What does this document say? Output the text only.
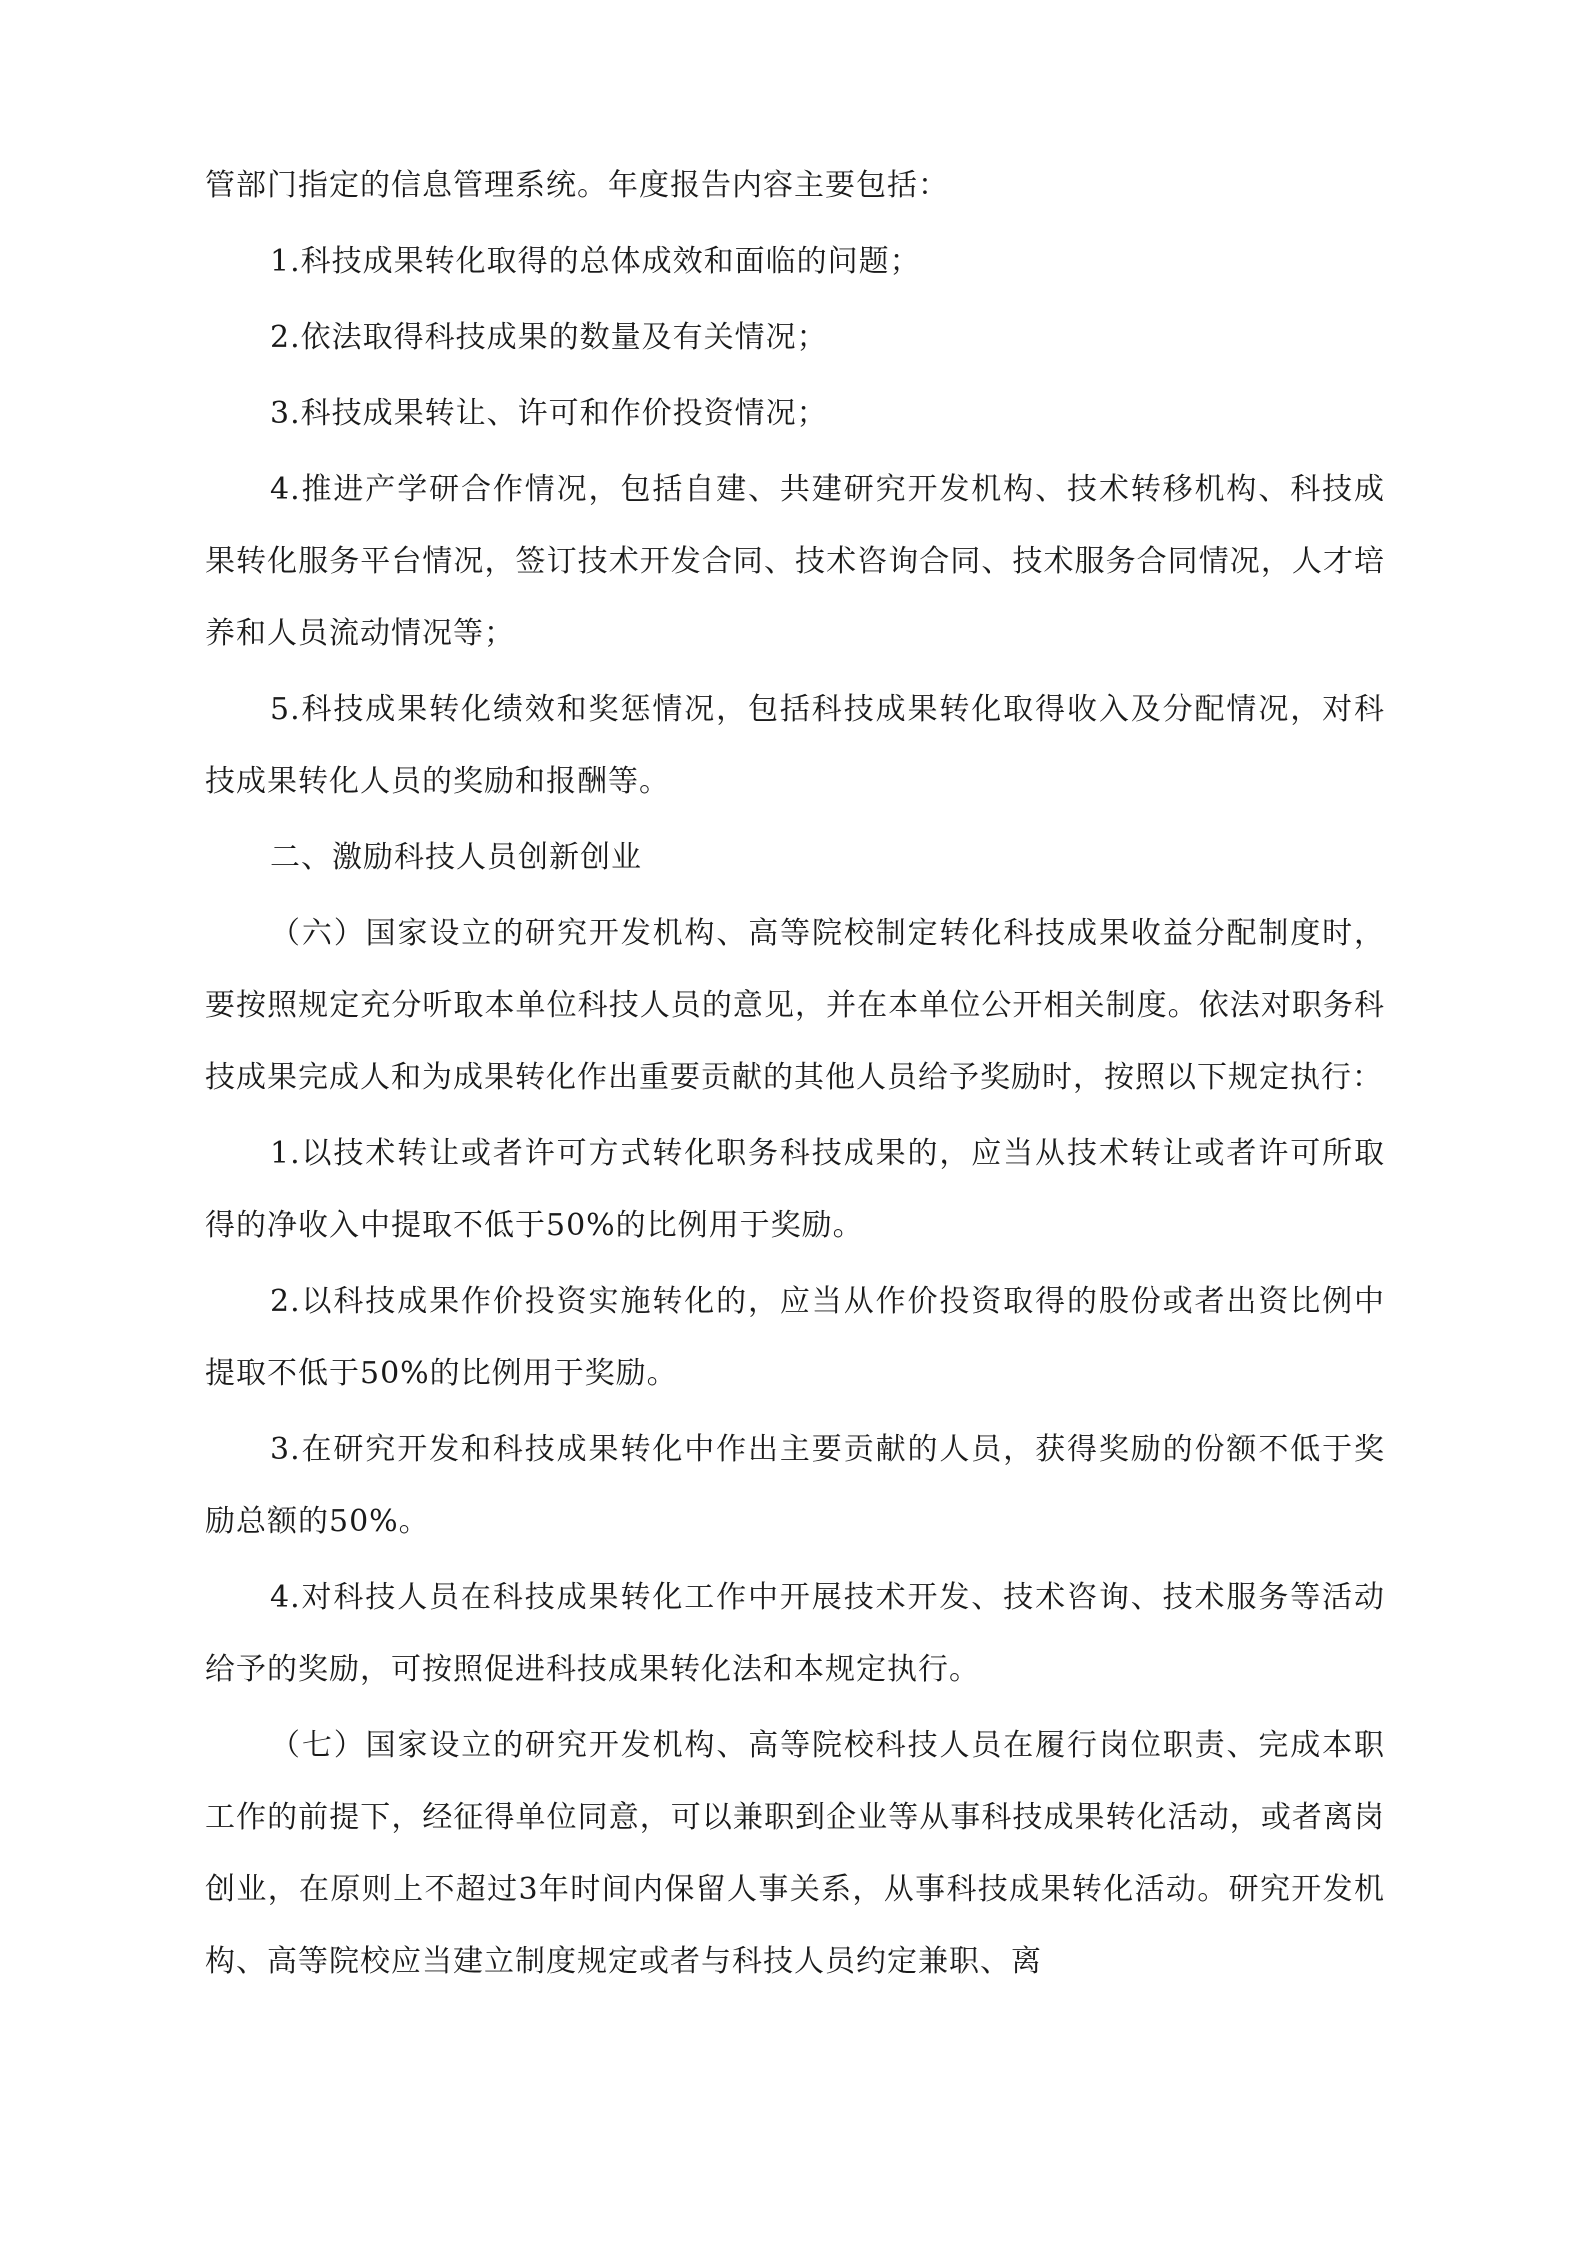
管部门指定的信息管理系统。年度报告内容主要包括：

1.科技成果转化取得的总体成效和面临的问题；

2.依法取得科技成果的数量及有关情况；

3.科技成果转让、许可和作价投资情况；

4.推进产学研合作情况，包括自建、共建研究开发机构、技术转移机构、科技成果转化服务平台情况，签订技术开发合同、技术咨询合同、技术服务合同情况，人才培养和人员流动情况等；

5.科技成果转化绩效和奖惩情况，包括科技成果转化取得收入及分配情况，对科技成果转化人员的奖励和报酬等。

二、激励科技人员创新创业

（六）国家设立的研究开发机构、高等院校制定转化科技成果收益分配制度时，要按照规定充分听取本单位科技人员的意见，并在本单位公开相关制度。依法对职务科技成果完成人和为成果转化作出重要贡献的其他人员给予奖励时，按照以下规定执行：

1.以技术转让或者许可方式转化职务科技成果的，应当从技术转让或者许可所取得的净收入中提取不低于50%的比例用于奖励。

2.以科技成果作价投资实施转化的，应当从作价投资取得的股份或者出资比例中提取不低于50%的比例用于奖励。

3.在研究开发和科技成果转化中作出主要贡献的人员，获得奖励的份额不低于奖励总额的50%。

4.对科技人员在科技成果转化工作中开展技术开发、技术咨询、技术服务等活动给予的奖励，可按照促进科技成果转化法和本规定执行。

（七）国家设立的研究开发机构、高等院校科技人员在履行岗位职责、完成本职工作的前提下，经征得单位同意，可以兼职到企业等从事科技成果转化活动，或者离岗创业，在原则上不超过3年时间内保留人事关系，从事科技成果转化活动。研究开发机构、高等院校应当建立制度规定或者与科技人员约定兼职、离
